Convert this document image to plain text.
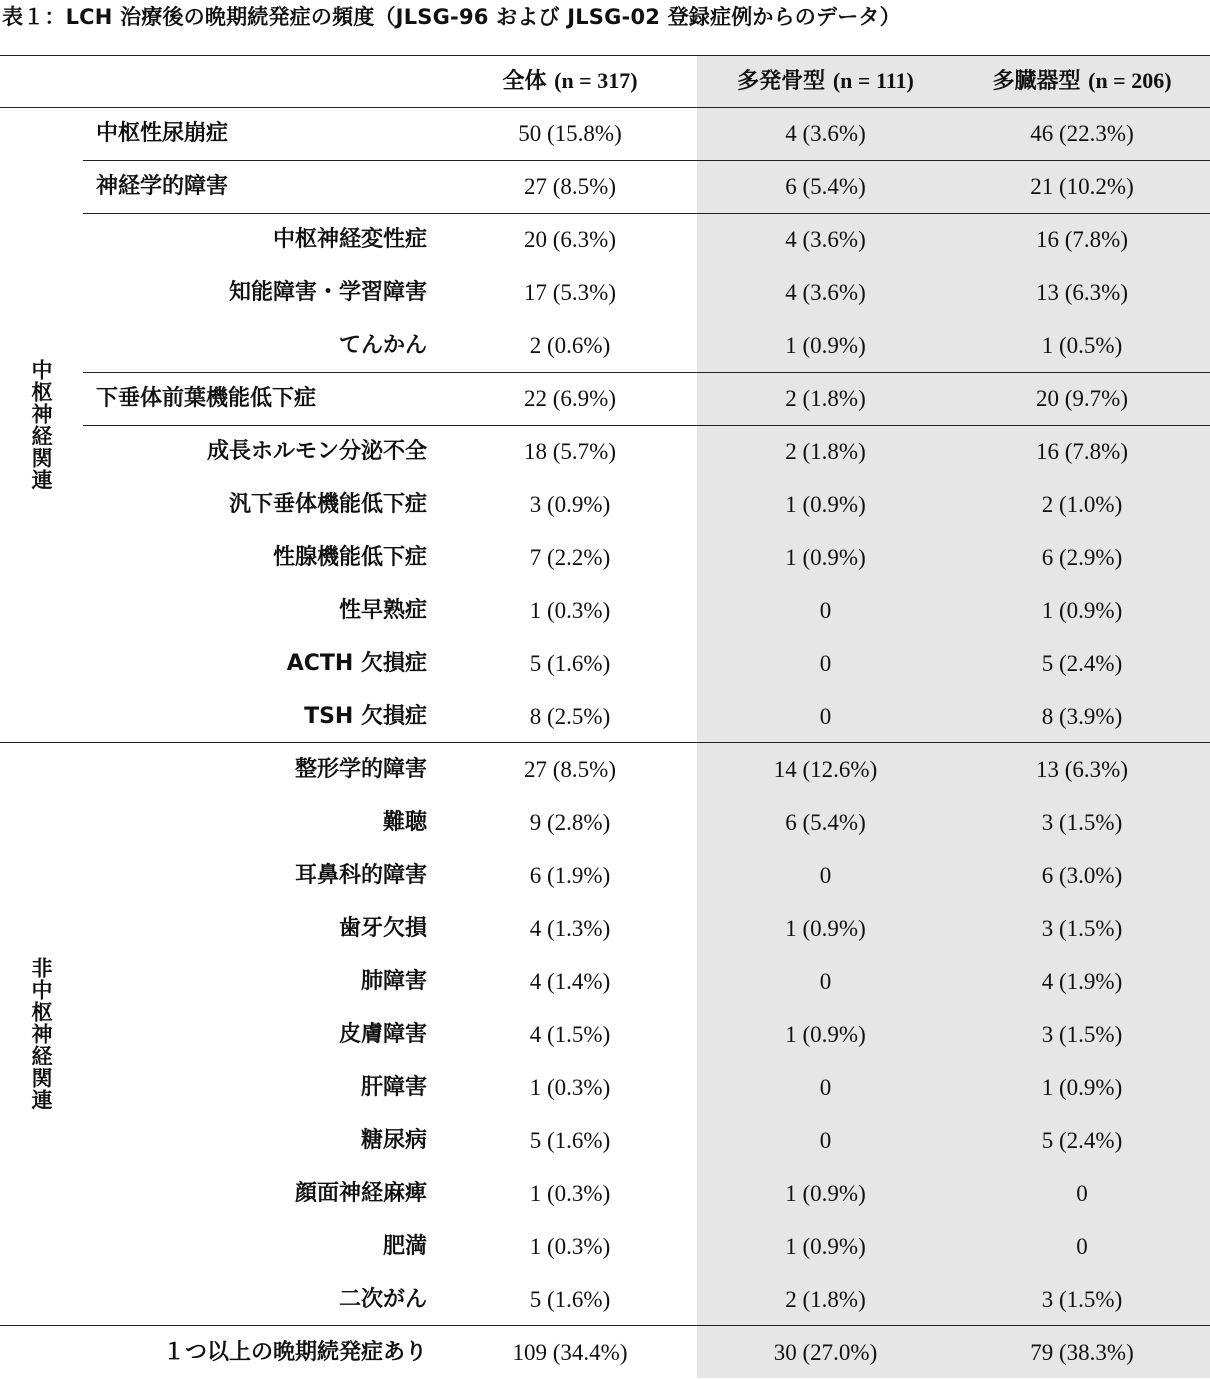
表１：LCH 治療後の晩期続発症の頻度（JLSG-96 および JLSG-02 登録症例からのデータ）
全体 (n = 317)	多発骨型 (n = 111)	多臓器型 (n = 206)
中枢性尿崩症	50 (15.8%)	4 (3.6%)	46 (22.3%)
神経学的障害	27 (8.5%)	6 (5.4%)	21 (10.2%)
中枢神経変性症	20 (6.3%)	4 (3.6%)	16 (7.8%)
知能障害・学習障害	17 (5.3%)	4 (3.6%)	13 (6.3%)
てんかん	2 (0.6%)	1 (0.9%)	1 (0.5%)
下垂体前葉機能低下症	22 (6.9%)	2 (1.8%)	20 (9.7%)
成長ホルモン分泌不全	18 (5.7%)	2 (1.8%)	16 (7.8%)
汎下垂体機能低下症	3 (0.9%)	1 (0.9%)	2 (1.0%)
性腺機能低下症	7 (2.2%)	1 (0.9%)	6 (2.9%)
性早熟症	1 (0.3%)	0	1 (0.9%)
ACTH 欠損症	5 (1.6%)	0	5 (2.4%)
TSH 欠損症	8 (2.5%)	0	8 (3.9%)
整形学的障害	27 (8.5%)	14 (12.6%)	13 (6.3%)
難聴	9 (2.8%)	6 (5.4%)	3 (1.5%)
耳鼻科的障害	6 (1.9%)	0	6 (3.0%)
歯牙欠損	4 (1.3%)	1 (0.9%)	3 (1.5%)
肺障害	4 (1.4%)	0	4 (1.9%)
皮膚障害	4 (1.5%)	1 (0.9%)	3 (1.5%)
肝障害	1 (0.3%)	0	1 (0.9%)
糖尿病	5 (1.6%)	0	5 (2.4%)
顔面神経麻痺	1 (0.3%)	1 (0.9%)	0
肥満	1 (0.3%)	1 (0.9%)	0
二次がん	5 (1.6%)	2 (1.8%)	3 (1.5%)
１つ以上の晩期続発症あり	109 (34.4%)	30 (27.0%)	79 (38.3%)
中枢神経関連
非中枢神経関連
